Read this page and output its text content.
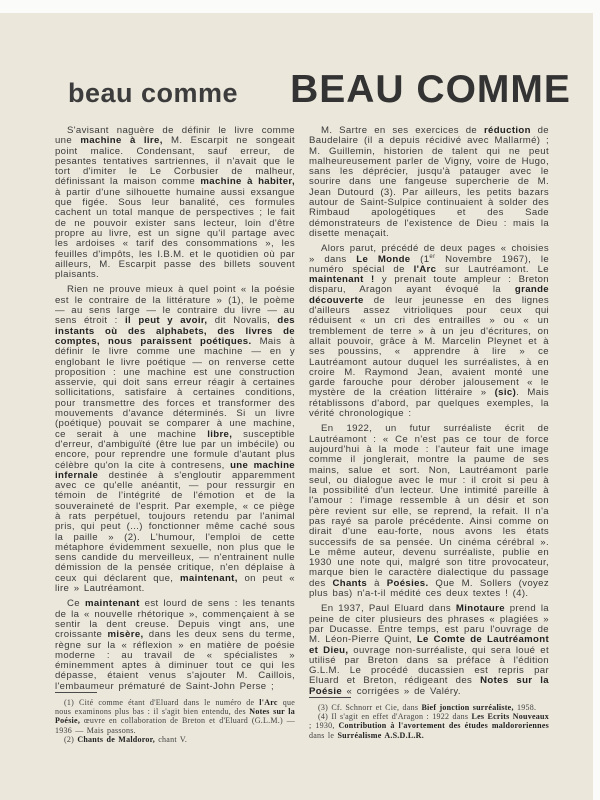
beau comme BEAU COMME

S'avisant naguère de définir le livre comme une machine à lire, M. Escarpit ne songeait point malice. Condensant, sauf erreur, de pesantes tentatives sartriennes, il n'avait que le tort d'imiter le Le Corbusier de malheur, définissant la maison comme machine à habiter, à partir d'une silhouette humaine aussi exsangue que figée. Sous leur banalité, ces formules cachent un total manque de perspectives ; le fait de ne pouvoir exister sans lecteur, loin d'être propre au livre, est un signe qu'il partage avec les ardoises « tarif des consommations », les feuilles d'impôts, les I.B.M. et le quotidien où par ailleurs, M. Escarpit passe des billets souvent plaisants.

Rien ne prouve mieux à quel point « la poésie est le contraire de la littérature » (1), le poème — au sens large — le contraire du livre — au sens étroit : il peut y avoir, dit Novalis, des instants où des alphabets, des livres de comptes, nous paraissent poétiques. Mais à définir le livre comme une machine — en y englobant le livre poétique — on renverse cette proposition : une machine est une construction asservie, qui doit sans erreur réagir à certaines sollicitations, satisfaire à certaines conditions, pour transmettre des forces et transformer des mouvements d'avance déterminés. Si un livre (poétique) pouvait se comparer à une machine, ce serait à une machine libre, susceptible d'erreur, d'ambiguïté (être lue par un imbécile) ou encore, pour reprendre une formule d'autant plus célèbre qu'on la cite à contresens, une machine infernale destinée à s'engloutir apparemment avec ce qu'elle anéantit, — pour ressurgir en témoin de l'intégrité de l'émotion et de la souveraineté de l'esprit. Par exemple, « ce piège à rats perpétuel, toujours retendu par l'animal pris, qui peut (...) fonctionner même caché sous la paille » (2). L'humour, l'emploi de cette métaphore évidemment sexuelle, non plus que le sens candide du merveilleux, — n'entrainent nulle démission de la pensée critique, n'en déplaise à ceux qui déclarent que, maintenant, on peut « lire » Lautréamont.

Ce maintenant est lourd de sens : les tenants de la « nouvelle rhétorique », commençaient à se sentir la dent creuse. Depuis vingt ans, une croissante misère, dans les deux sens du terme, règne sur la « réflexion » en matière de poésie moderne : au travail de « spécialistes » éminemment aptes à diminuer tout ce qui les dépasse, étaient venus s'ajouter M. Caillois, l'embaumeur prématuré de Saint-John Perse ;

(1) Cité comme étant d'Eluard dans le numéro de l'Arc que nous examinons plus bas : il s'agit bien entendu, des Notes sur la Poésie, œuvre en collaboration de Breton et d'Eluard (G.L.M.) — 1936 — Mais passons.

(2) Chants de Maldoror, chant V.

M. Sartre en ses exercices de réduction de Baudelaire (il a depuis récidivé avec Mallarmé) ; M. Guillemin, historien de talent qui ne peut malheureusement parler de Vigny, voire de Hugo, sans les déprécier, jusqu'à patauger avec le sourire dans une fangeuse supercherie de M. Jean Dutourd (3). Par ailleurs, les petits bazars autour de Saint-Sulpice continuaient à solder des Rimbaud apologétiques et des Sade démonstrateurs de l'existence de Dieu : mais la disette menaçait.

Alors parut, précédé de deux pages « choisies » dans Le Monde (1er Novembre 1967), le numéro spécial de l'Arc sur Lautréamont. Le maintenant ! y prenait toute ampleur : Breton disparu, Aragon ayant évoqué la grande découverte de leur jeunesse en des lignes d'ailleurs assez vitrioliques pour ceux qui réduisent « un cri des entrailles » ou « un tremblement de terre » à un jeu d'écritures, on allait pouvoir, grâce à M. Marcelin Pleynet et à ses poussins, « apprendre à lire » ce Lautréamont autour duquel les surréalistes, à en croire M. Raymond Jean, avaient monté une garde farouche pour dérober jalousement « le mystère de la création littéraire » (sic). Mais rétablissons d'abord, par quelques exemples, la vérité chronologique :

En 1922, un futur surréaliste écrit de Lautréamont : « Ce n'est pas ce tour de force aujourd'hui à la mode : l'auteur fait une image comme il jonglerait, montre la paume de ses mains, salue et sort. Non, Lautréamont parle seul, ou dialogue avec le mur : il croit si peu à la possibilité d'un lecteur. Une intimité pareille à l'amour : l'image ressemble à un désir et son père revient sur elle, se reprend, la refait. Il n'a pas rayé sa parole précédente. Ainsi comme on dirait d'une eau-forte, nous avons les états successifs de sa pensée. Un cinéma cérébral ». Le même auteur, devenu surréaliste, publie en 1930 une note qui, malgré son titre provocateur, marque bien le caractère dialectique du passage des Chants à Poésies. Que M. Sollers (voyez plus bas) n'a-t-il médité ces deux textes ! (4).

En 1937, Paul Eluard dans Minotaure prend la peine de citer plusieurs des phrases « plagiées » par Ducasse. Entre temps, est paru l'ouvrage de M. Léon-Pierre Quint, Le Comte de Lautréamont et Dieu, ouvrage non-surréaliste, qui sera loué et utilisé par Breton dans sa préface à l'édition G.L.M. Le procédé ducassien est repris par Eluard et Breton, rédigeant des Notes sur la Poésie « corrigées » de Valéry.

(3) Cf. Schnorr et Cie, dans Bief jonction surréaliste, 1958.

(4) Il s'agit en effet d'Aragon : 1922 dans Les Ecrits Nouveaux ; 1930, Contribution à l'avortement des études maldororiennes dans le Surréalisme A.S.D.L.R.
